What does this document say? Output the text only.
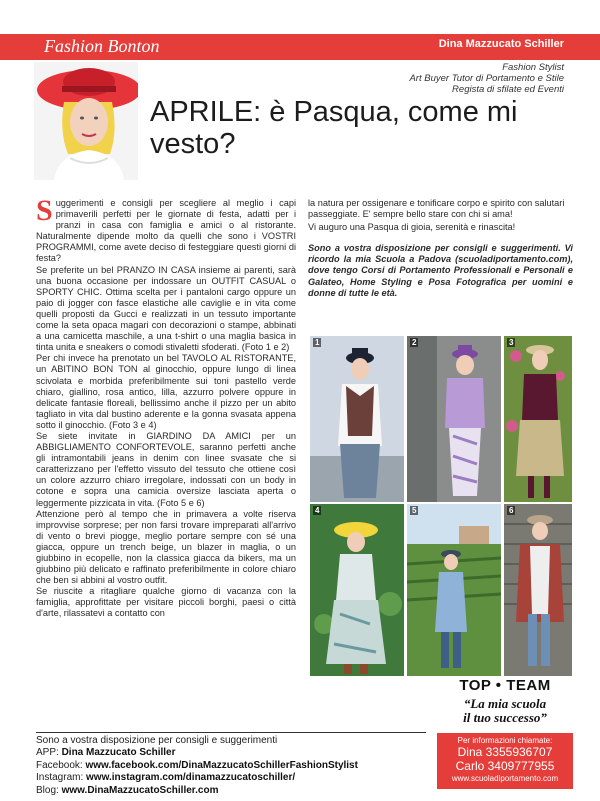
Fashion Bonton	Dina Mazzucato Schiller
Fashion Stylist
Art Buyer Tutor di Portamento e Stile
Regista di sfilate ed Eventi
APRILE: è Pasqua, come mi vesto?

Suggerimenti e consigli per scegliere al meglio i capi primaverili perfetti per le giornate di festa, adatti per i pranzi in casa con famiglia e amici o al ristorante. Naturalmente dipende molto da quelli che sono i VOSTRI PROGRAMMI, come avete deciso di festeggiare questi giorni di festa?

Se preferite un bel PRANZO IN CASA insieme ai parenti, sarà una buona occasione per indossare un OUTFIT CASUAL o SPORTY CHIC. Ottima scelta per i pantaloni cargo oppure un paio di jogger con fasce elastiche alle caviglie e in vita come quelli proposti da Gucci e realizzati in un tessuto importante come la seta opaca magari con decorazioni o stampe, abbinati a una camicetta maschile, a una t-shirt o una maglia basica in tinta unita e sneakers o comodi stivaletti sfoderati. (Foto 1 e 2)

Per chi invece ha prenotato un bel TAVOLO AL RISTORANTE, un ABITINO BON TON al ginocchio, oppure lungo di linea scivolata e morbida preferibilmente sui toni pastello verde chiaro, giallino, rosa antico, lilla, azzurro polvere oppure in delicate fantasie floreali, bellissimo anche il pizzo per un abito tagliato in vita dal bustino aderente e la gonna svasata appena sotto il ginocchio. (Foto 3 e 4)

Se siete invitate in GIARDINO DA AMICI per un ABBIGLIAMENTO CONFORTEVOLE, saranno perfetti anche gli intramontabili jeans in denim con linee svasate che si caratterizzano per l'effetto vissuto del tessuto che ottiene così un colore azzurro chiaro irregolare, indossati con un body in cotone e sopra una camicia oversize lasciata aperta o leggermente pizzicata in vita. (Foto 5 e 6)

Attenzione però al tempo che in primavera a volte riserva improvvise sorprese; per non farsi trovare impreparati all'arrivo di vento o brevi piogge, meglio portare sempre con sé una giacca, oppure un trench beige, un blazer in maglia, o un giubbino in ecopelle, non la classica giacca da bikers, ma un giubbino più delicato e raffinato preferibilmente in colore chiaro che ben si abbini al vostro outfit.

Se riuscite a ritagliare qualche giorno di vacanza con la famiglia, approfittate per visitare piccoli borghi, paesi o città d'arte, rilassatevi a contatto con

la natura per ossigenare e tonificare corpo e spirito con salutari passeggiate. E' sempre bello stare con chi si ama!

Vi auguro una Pasqua di gioia, serenità e rinascita!

Sono a vostra disposizione per consigli e suggerimenti. Vi ricordo la mia Scuola a Padova (scuoladiportamento.com), dove tengo Corsi di Portamento Professionali e Personali e Galateo, Home Styling e Posa Fotografica per uomini e donne di tutte le età.

1	2	3
4	5	6
TOP • TEAM
“La mia scuola
il tuo successo”
Per informazioni chiamate:
Dina 3355936707
Carlo 3409777955
www.scuoladiportamento.com
Sono a vostra disposizione per consigli e suggerimenti
APP: Dina Mazzucato Schiller
Facebook: www.facebook.com/DinaMazzucatoSchillerFashionStylist
Instagram: www.instagram.com/dinamazzucatoschiller/
Blog: www.DinaMazzucatoSchiller.com
